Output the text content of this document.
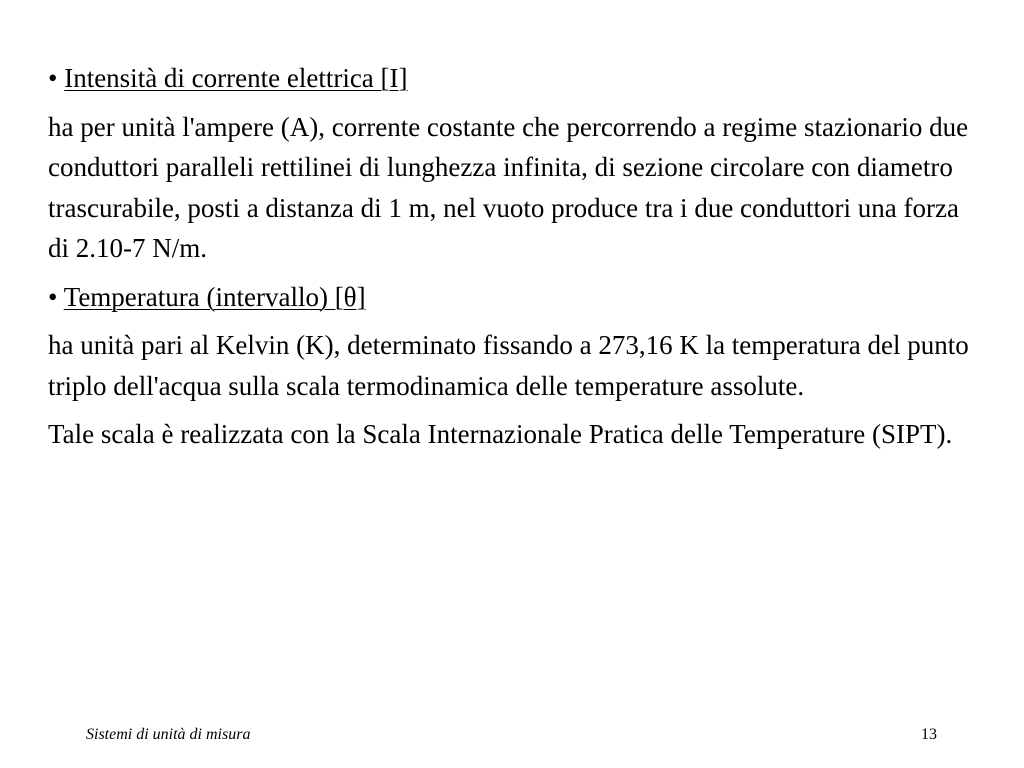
• Intensità di corrente elettrica [I]

ha per unità l'ampere (A), corrente costante che percorrendo a regime stazionario due conduttori paralleli rettilinei di lunghezza infinita, di sezione circolare con diametro trascurabile, posti a distanza di 1 m, nel vuoto produce tra i due conduttori una forza di 2.10-7 N/m.

• Temperatura (intervallo) [θ]

ha unità pari al Kelvin (K), determinato fissando a 273,16 K la temperatura del punto triplo dell'acqua sulla scala termodinamica delle temperature assolute.

Tale scala è realizzata con la Scala Internazionale Pratica delle Temperature (SIPT).

Sistemi di unità di misura	13
